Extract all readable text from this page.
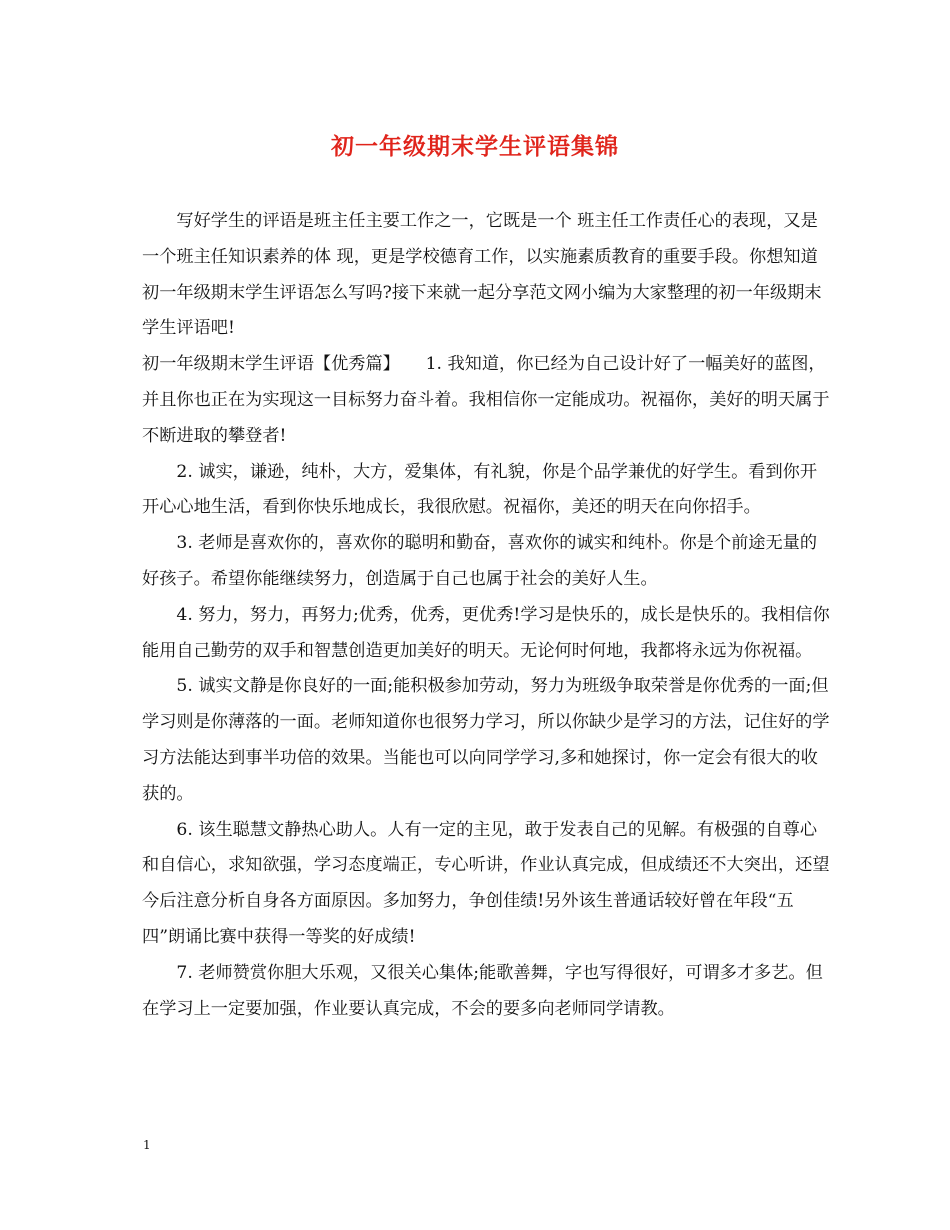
初一年级期末学生评语集锦

写好学生的评语是班主任主要工作之一，它既是一个 班主任工作责任心的表现，又是一个班主任知识素养的体 现，更是学校德育工作，以实施素质教育的重要手段。你想知道初一年级期末学生评语怎么写吗?接下来就一起分享范文网小编为大家整理的初一年级期末学生评语吧!

初一年级期末学生评语【优秀篇】　　 1. 我知道，你已经为自己设计好了一幅美好的蓝图，并且你也正在为实现这一目标努力奋斗着。我相信你一定能成功。祝福你，美好的明天属于不断进取的攀登者!

2. 诚实，谦逊，纯朴，大方，爱集体，有礼貌，你是个品学兼优的好学生。看到你开开心心地生活，看到你快乐地成长，我很欣慰。祝福你，美还的明天在向你招手。

3. 老师是喜欢你的，喜欢你的聪明和勤奋，喜欢你的诚实和纯朴。你是个前途无量的好孩子。希望你能继续努力，创造属于自己也属于社会的美好人生。

4. 努力，努力，再努力;优秀，优秀，更优秀!学习是快乐的，成长是快乐的。我相信你能用自己勤劳的双手和智慧创造更加美好的明天。无论何时何地，我都将永远为你祝福。

5. 诚实文静是你良好的一面;能积极参加劳动，努力为班级争取荣誉是你优秀的一面;但学习则是你薄落的一面。老师知道你也很努力学习，所以你缺少是学习的方法，记住好的学习方法能达到事半功倍的效果。当能也可以向同学学习,多和她探讨，你一定会有很大的收获的。

6. 该生聪慧文静热心助人。人有一定的主见，敢于发表自己的见解。有极强的自尊心和自信心，求知欲强，学习态度端正，专心听讲，作业认真完成，但成绩还不大突出，还望今后注意分析自身各方面原因。多加努力，争创佳绩!另外该生普通话较好曾在年段“五四”朗诵比赛中获得一等奖的好成绩!

7. 老师赞赏你胆大乐观，又很关心集体;能歌善舞，字也写得很好，可谓多才多艺。但在学习上一定要加强，作业要认真完成，不会的要多向老师同学请教。

1
